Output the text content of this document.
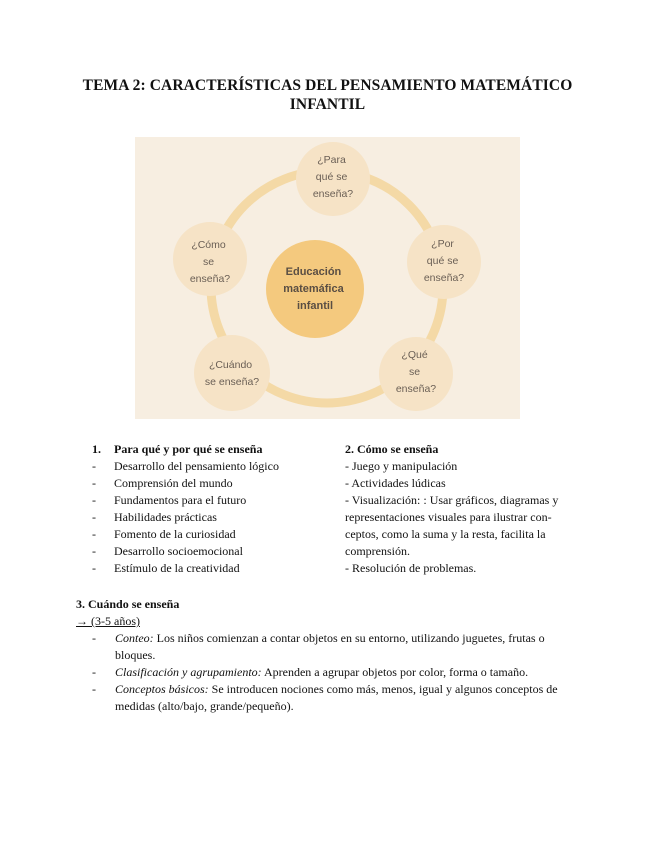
TEMA 2: CARACTERÍSTICAS DEL PENSAMIENTO MATEMÁTICO
INFANTIL
Educación matemáfica infantil
¿Para qué se enseña?
¿Por qué se enseña?
¿Qué se enseña?
¿Cuándo se enseña?
¿Cómo se enseña?
1.	Para qué y por qué se enseña
-	Desarrollo del pensamiento lógico
-	Comprensión del mundo
-	Fundamentos para el futuro
-	Habilidades prácticas
-	Fomento de la curiosidad
-	Desarrollo socioemocional
-	Estímulo de la creatividad
2. Cómo se enseña
- Juego y manipulación
- Actividades lúdicas
- Visualización: : Usar gráficos, diagramas y
representaciones visuales para ilustrar con-
ceptos, como la suma y la resta, facilita la
comprensión.
- Resolución de problemas.
3. Cuándo se enseña
→ (3-5 años)
-	Conteo: Los niños comienzan a contar objetos en su entorno, utilizando juguetes, frutas o bloques.
-	Clasificación y agrupamiento: Aprenden a agrupar objetos por color, forma o tamaño.
-	Conceptos básicos: Se introducen nociones como más, menos, igual y algunos conceptos de medidas (alto/bajo, grande/pequeño).
